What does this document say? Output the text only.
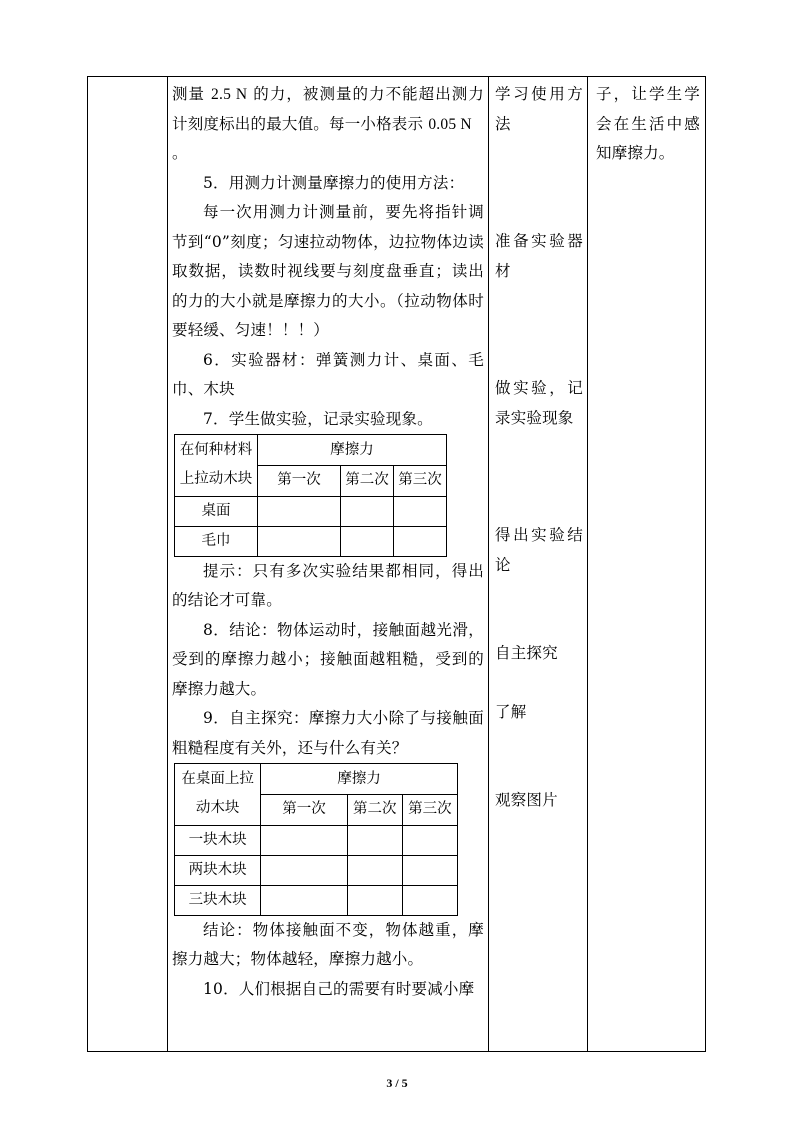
测量 2.5 N 的力，被测量的力不能超出测力计刻度标出的最大值。每一小格表示 0.05 N
。

5．用测力计测量摩擦力的使用方法：

每一次用测力计测量前，要先将指针调节到“0”刻度；匀速拉动物体，边拉物体边读取数据，读数时视线要与刻度盘垂直；读出的力的大小就是摩擦力的大小。（拉动物体时要轻缓、匀速！！！）

6．实验器材：弹簧测力计、桌面、毛巾、木块

7．学生做实验，记录实验现象。

在何种材料上拉动木块	摩擦力			
	第一次	第二次	第三次	

桌面				
毛巾				

提示：只有多次实验结果都相同，得出的结论才可靠。

8．结论：物体运动时，接触面越光滑，受到的摩擦力越小；接触面越粗糙，受到的摩擦力越大。

9．自主探究：摩擦力大小除了与接触面粗糙程度有关外，还与什么有关？

在桌面上拉动木块	摩擦力		
	第一次	第二次	第三次
一块木块			
两块木块			
三块木块			

结论：物体接触面不变，物体越重，摩擦力越大；物体越轻，摩擦力越小。

10．人们根据自己的需要有时要减小摩

学习使用方法

准备实验器材

做实验，记录实验现象

得出实验结论

自主探究

了解

观察图片

子，让学生学会在生活中感知摩擦力。

3 / 5
